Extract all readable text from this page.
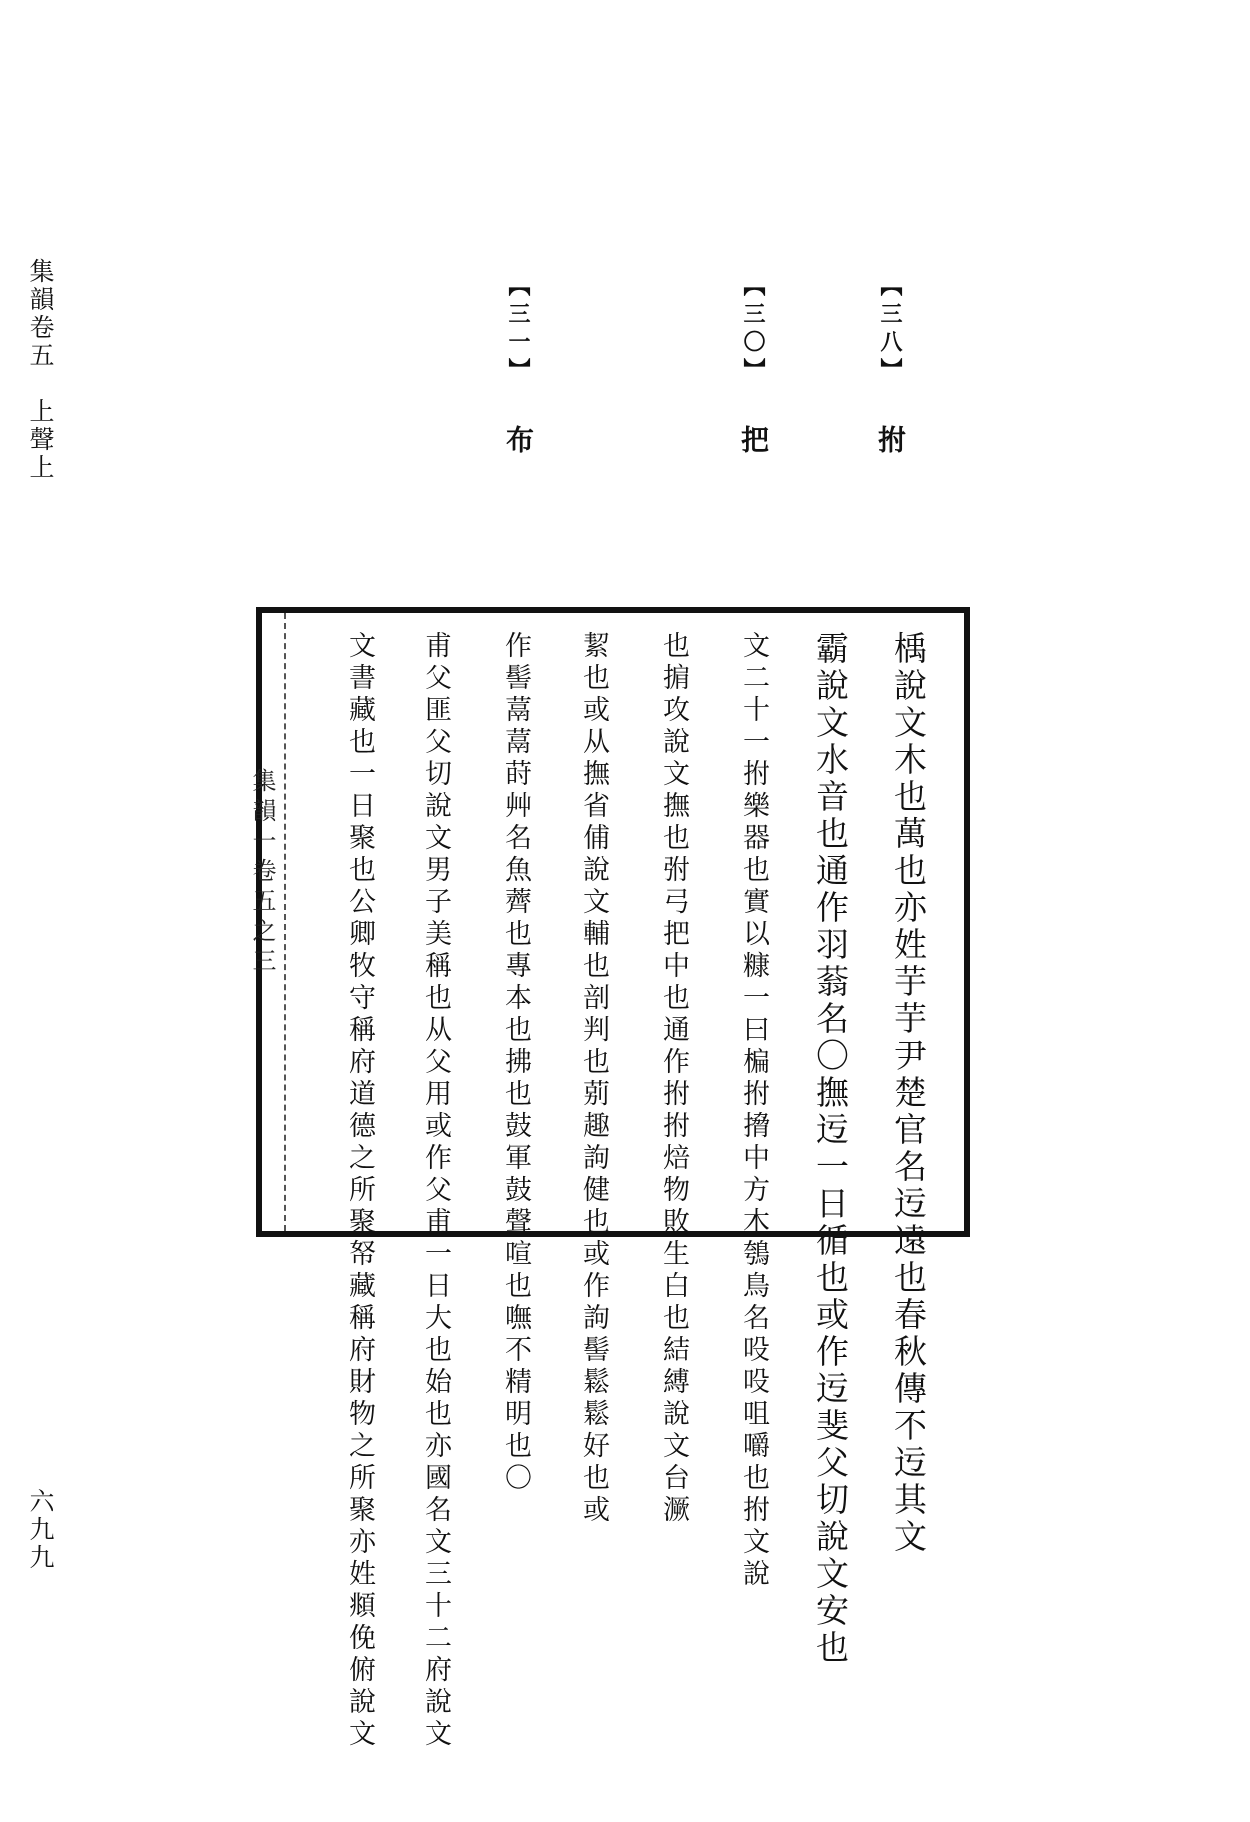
集韻卷五　上聲上
六九九
【三八】 拊
【三〇】 把
【三一】 布
楀說文木也萬也亦姓芋芋尹楚官名迃遠也春秋傳不迃其文
霸說文水音也通作羽蓊名〇撫迃一日循也或作迃斐父切說文安也
文二十一拊樂器也實以糠一曰楄拊搚中方木鴮鳥名吺吺咀嚼也拊文說
也掮攻說文撫也弣弓把中也通作拊拊焙物敗生白也結縛說文台㵐
絜也或从撫省俌說文輔也剖判也莂趣訽健也或作訽髻鬆鬆好也或
作髻蒚蒚莳艸名魚薺也專本也拂也鼓軍鼓聲喧也嘸不精明也〇
甫父匪父切說文男子美稱也从父用或作父甫一日大也始也亦國名文三十二府說文
文書藏也一日聚也公卿牧守稱府道德之所聚帑藏稱府財物之所聚亦姓頫俛俯說文
集韻一卷五之三
